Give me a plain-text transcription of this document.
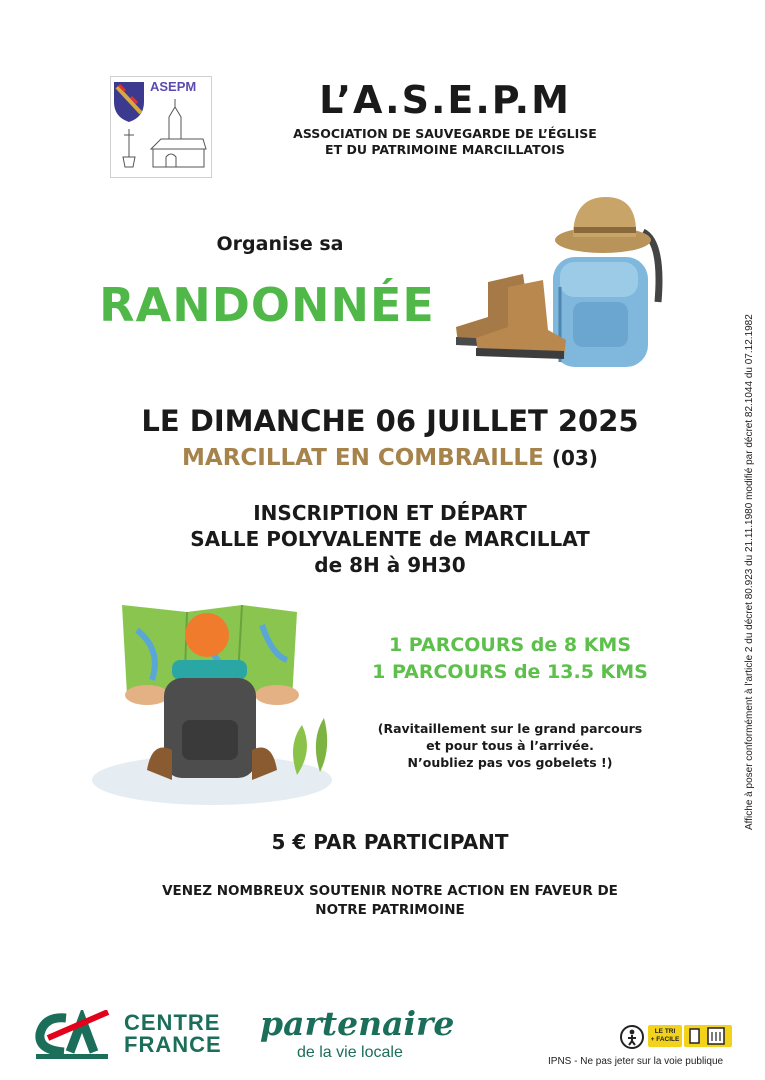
ASEPM	L’A.S.E.P.M
ASSOCIATION DE SAUVEGARDE DE L’ÉGLISE
ET DU PATRIMOINE MARCILLATOIS
Organise sa
RANDONNÉE
LE DIMANCHE 06 JUILLET 2025
MARCILLAT EN COMBRAILLE (03)
INSCRIPTION ET DÉPART
SALLE POLYVALENTE de MARCILLAT
de 8H à 9H30
1 PARCOURS de 8 KMS
1 PARCOURS de 13.5 KMS
(Ravitaillement sur le grand parcours
et pour tous à l’arrivée.
N’oubliez pas vos gobelets !)
5 € PAR PARTICIPANT
VENEZ NOMBREUX SOUTENIR NOTRE ACTION EN FAVEUR DE
NOTRE PATRIMOINE
Affiche à poser conformément à l'article 2 du décret 80.923 du 21.11.1980 modifié par décret 82.1044 du 07.12.1982
CENTRE
FRANCE
partenaire
de la vie locale
LE TRI
+ FACILE
IPNS - Ne pas jeter sur la voie publique
